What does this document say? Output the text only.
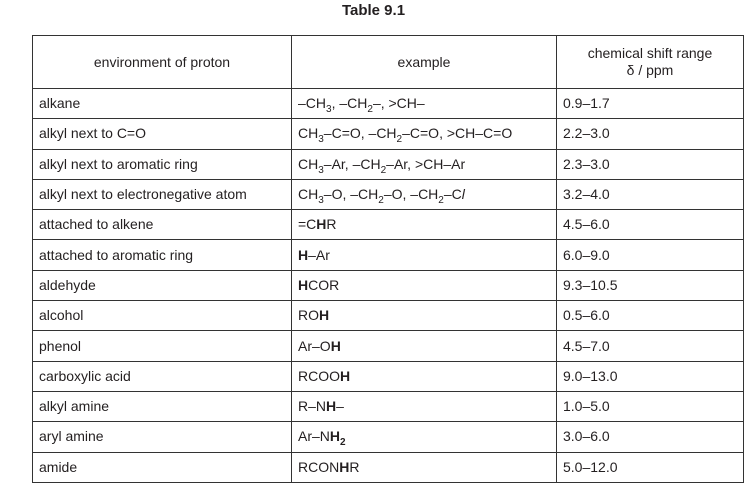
Table 9.1
environment of proton	example	chemical shift range
δ / ppm

alkane	$-CH_3$, $-CH_2-$, >CH–	0.9–1.7
alkyl next to C=O	$CH_3-C=O$, $-CH_2-C=O$, >CH–C=O	2.2–3.0
alkyl next to aromatic ring	$CH_3-Ar$, $-CH_2-Ar$, >CH–Ar	2.3–3.0
alkyl next to electronegative atom	$CH_3-O$, $-CH_2-O$, $-CH_2-Cl$	3.2–4.0
attached to alkene	=CHR	4.5–6.0
attached to aromatic ring	H–Ar	6.0–9.0
aldehyde	HCOR	9.3–10.5
alcohol	ROH	0.5–6.0
phenol	Ar–OH	4.5–7.0
carboxylic acid	RCOOH	9.0–13.0
alkyl amine	R–NH–	1.0–5.0
aryl amine	$Ar-NH_2$	3.0–6.0
amide	RCONHR	5.0–12.0
